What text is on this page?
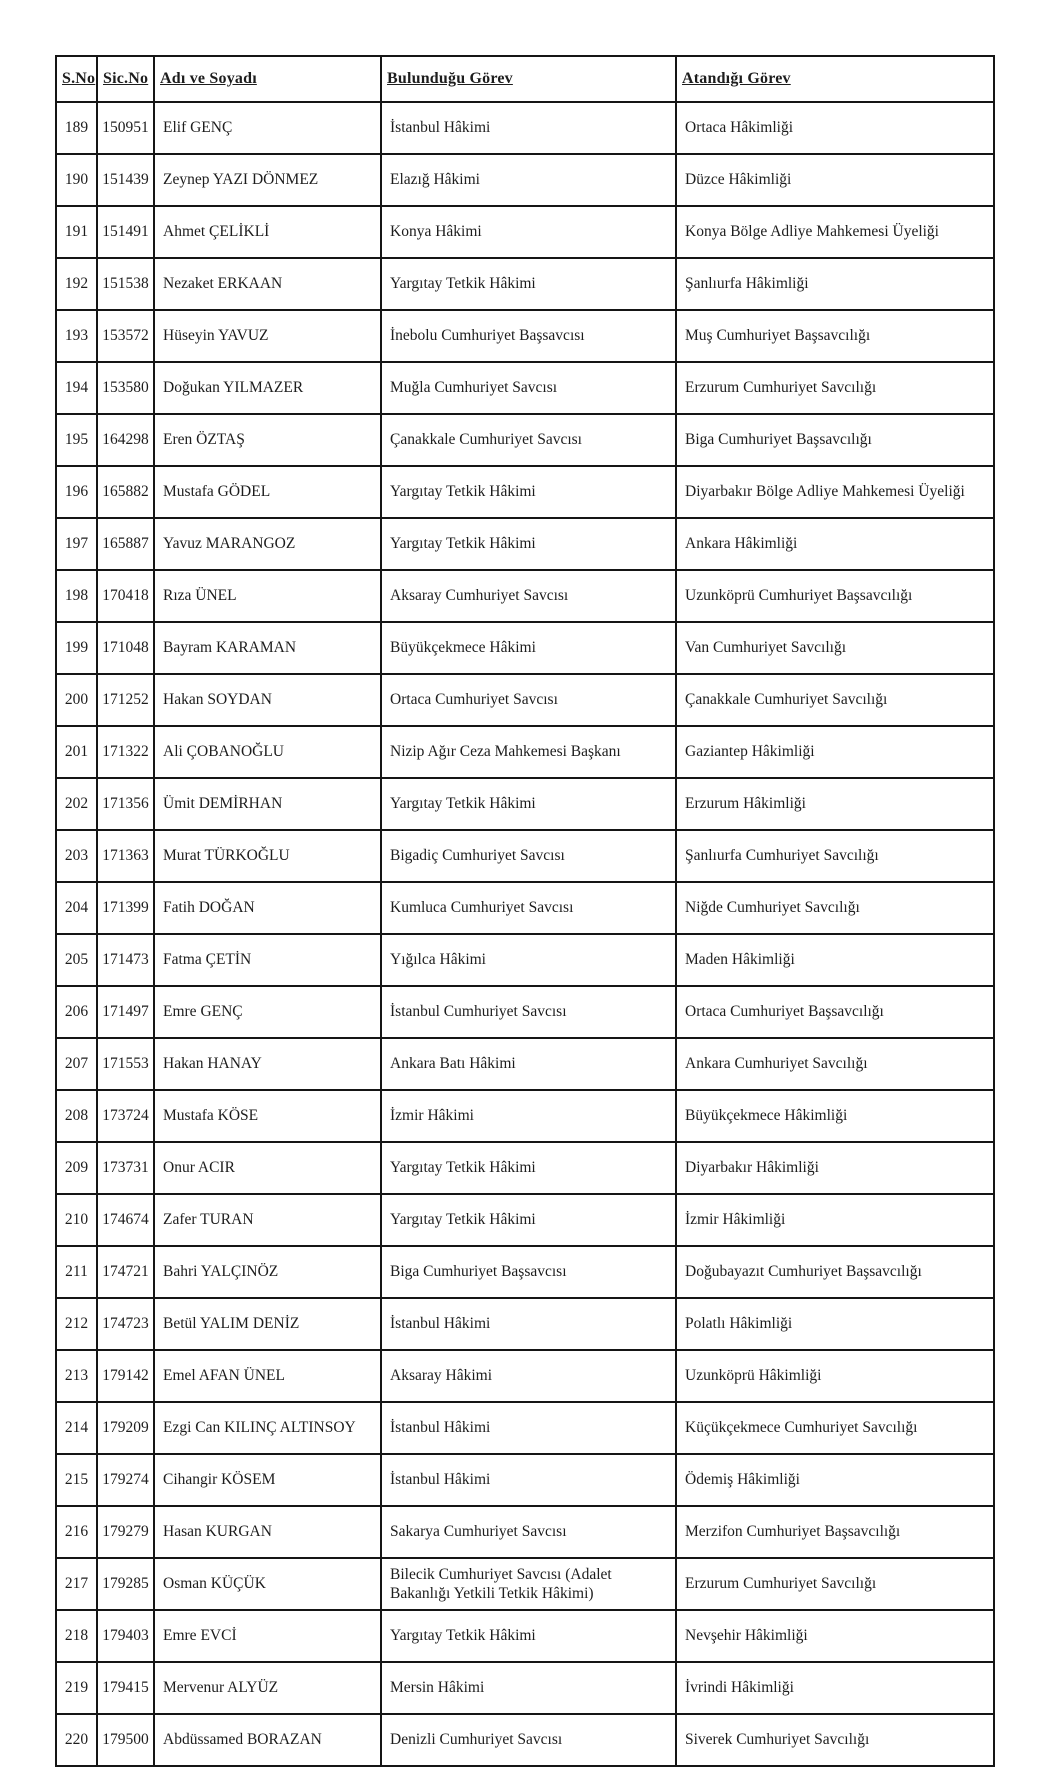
S.No	Sic.No	Adı ve Soyadı	Bulunduğu Görev	Atandığı Görev
189	150951	Elif GENÇ	İstanbul Hâkimi	Ortaca Hâkimliği
190	151439	Zeynep YAZI DÖNMEZ	Elazığ Hâkimi	Düzce Hâkimliği
191	151491	Ahmet ÇELİKLİ	Konya Hâkimi	Konya Bölge Adliye Mahkemesi Üyeliği
192	151538	Nezaket ERKAAN	Yargıtay Tetkik Hâkimi	Şanlıurfa Hâkimliği
193	153572	Hüseyin YAVUZ	İnebolu Cumhuriyet Başsavcısı	Muş Cumhuriyet Başsavcılığı
194	153580	Doğukan YILMAZER	Muğla Cumhuriyet Savcısı	Erzurum Cumhuriyet Savcılığı
195	164298	Eren ÖZTAŞ	Çanakkale Cumhuriyet Savcısı	Biga Cumhuriyet Başsavcılığı
196	165882	Mustafa GÖDEL	Yargıtay Tetkik Hâkimi	Diyarbakır Bölge Adliye Mahkemesi Üyeliği
197	165887	Yavuz MARANGOZ	Yargıtay Tetkik Hâkimi	Ankara Hâkimliği
198	170418	Rıza ÜNEL	Aksaray Cumhuriyet Savcısı	Uzunköprü Cumhuriyet Başsavcılığı
199	171048	Bayram KARAMAN	Büyükçekmece Hâkimi	Van Cumhuriyet Savcılığı
200	171252	Hakan SOYDAN	Ortaca Cumhuriyet Savcısı	Çanakkale Cumhuriyet Savcılığı
201	171322	Ali ÇOBANOĞLU	Nizip Ağır Ceza Mahkemesi Başkanı	Gaziantep Hâkimliği
202	171356	Ümit DEMİRHAN	Yargıtay Tetkik Hâkimi	Erzurum Hâkimliği
203	171363	Murat TÜRKOĞLU	Bigadiç Cumhuriyet Savcısı	Şanlıurfa Cumhuriyet Savcılığı
204	171399	Fatih DOĞAN	Kumluca Cumhuriyet Savcısı	Niğde Cumhuriyet Savcılığı
205	171473	Fatma ÇETİN	Yığılca Hâkimi	Maden Hâkimliği
206	171497	Emre GENÇ	İstanbul Cumhuriyet Savcısı	Ortaca Cumhuriyet Başsavcılığı
207	171553	Hakan HANAY	Ankara Batı Hâkimi	Ankara Cumhuriyet Savcılığı
208	173724	Mustafa KÖSE	İzmir Hâkimi	Büyükçekmece Hâkimliği
209	173731	Onur ACIR	Yargıtay Tetkik Hâkimi	Diyarbakır Hâkimliği
210	174674	Zafer TURAN	Yargıtay Tetkik Hâkimi	İzmir Hâkimliği
211	174721	Bahri YALÇINÖZ	Biga Cumhuriyet Başsavcısı	Doğubayazıt Cumhuriyet Başsavcılığı
212	174723	Betül YALIM DENİZ	İstanbul Hâkimi	Polatlı Hâkimliği
213	179142	Emel AFAN ÜNEL	Aksaray Hâkimi	Uzunköprü Hâkimliği
214	179209	Ezgi Can KILINÇ ALTINSOY	İstanbul Hâkimi	Küçükçekmece Cumhuriyet Savcılığı
215	179274	Cihangir KÖSEM	İstanbul Hâkimi	Ödemiş Hâkimliği
216	179279	Hasan KURGAN	Sakarya Cumhuriyet Savcısı	Merzifon Cumhuriyet Başsavcılığı
217	179285	Osman KÜÇÜK	Bilecik Cumhuriyet Savcısı (Adalet Bakanlığı Yetkili Tetkik Hâkimi)	Erzurum Cumhuriyet Savcılığı
218	179403	Emre EVCİ	Yargıtay Tetkik Hâkimi	Nevşehir Hâkimliği
219	179415	Mervenur ALYÜZ	Mersin Hâkimi	İvrindi Hâkimliği
220	179500	Abdüssamed BORAZAN	Denizli Cumhuriyet Savcısı	Siverek Cumhuriyet Savcılığı
